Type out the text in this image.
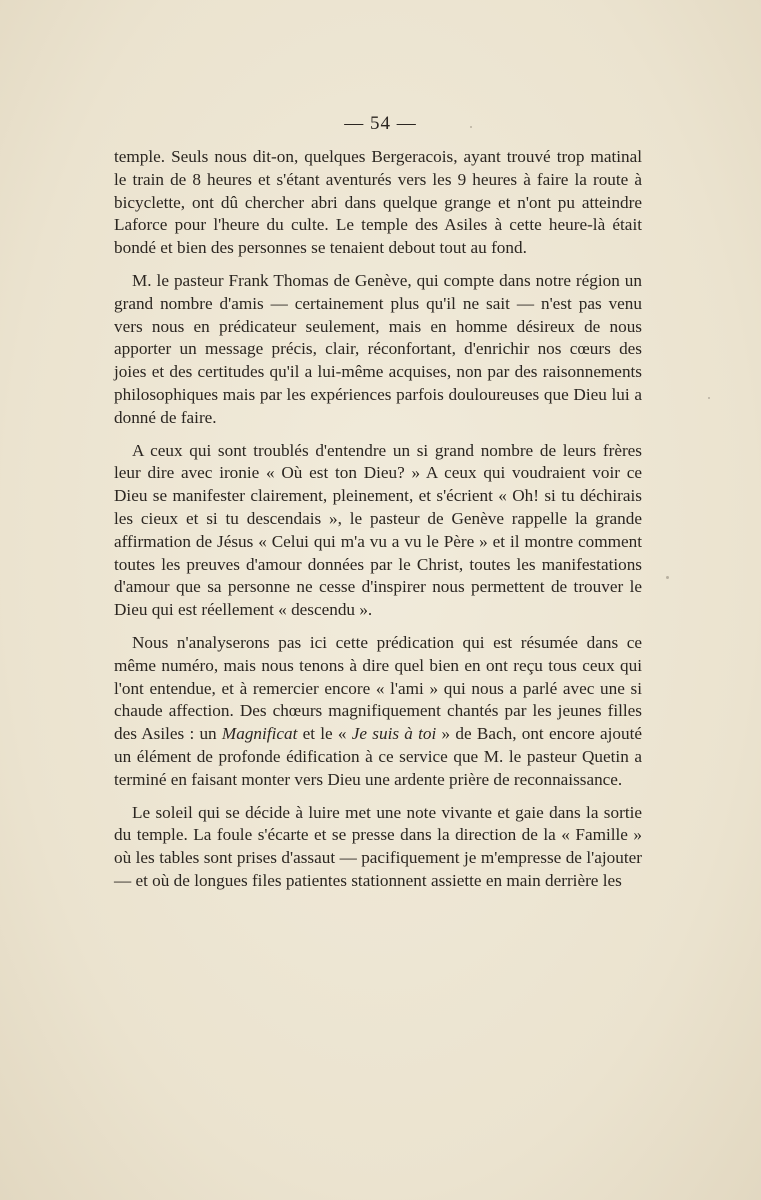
— 54 —

temple. Seuls nous dit-on, quelques Bergeracois, ayant trouvé trop matinal le train de 8 heures et s'étant aventurés vers les 9 heures à faire la route à bicyclette, ont dû chercher abri dans quelque grange et n'ont pu atteindre Laforce pour l'heure du culte. Le temple des Asiles à cette heure-là était bondé et bien des personnes se tenaient debout tout au fond.

M. le pasteur Frank Thomas de Genève, qui compte dans notre région un grand nombre d'amis — certainement plus qu'il ne sait — n'est pas venu vers nous en prédicateur seulement, mais en homme désireux de nous apporter un message précis, clair, réconfortant, d'enrichir nos cœurs des joies et des certitudes qu'il a lui-même acquises, non par des raisonnements philosophiques mais par les expériences parfois douloureuses que Dieu lui a donné de faire.

A ceux qui sont troublés d'entendre un si grand nombre de leurs frères leur dire avec ironie « Où est ton Dieu? » A ceux qui voudraient voir ce Dieu se manifester clairement, pleinement, et s'écrient « Oh! si tu déchirais les cieux et si tu descendais », le pasteur de Genève rappelle la grande affirmation de Jésus « Celui qui m'a vu a vu le Père » et il montre comment toutes les preuves d'amour données par le Christ, toutes les manifestations d'amour que sa personne ne cesse d'inspirer nous permettent de trouver le Dieu qui est réellement « descendu ».

Nous n'analyserons pas ici cette prédication qui est résumée dans ce même numéro, mais nous tenons à dire quel bien en ont reçu tous ceux qui l'ont entendue, et à remercier encore « l'ami » qui nous a parlé avec une si chaude affection. Des chœurs magnifiquement chantés par les jeunes filles des Asiles : un Magnificat et le « Je suis à toi » de Bach, ont encore ajouté un élément de profonde édification à ce service que M. le pasteur Quetin a terminé en faisant monter vers Dieu une ardente prière de reconnaissance.

Le soleil qui se décide à luire met une note vivante et gaie dans la sortie du temple. La foule s'écarte et se presse dans la direction de la « Famille » où les tables sont prises d'assaut — pacifiquement je m'empresse de l'ajouter — et où de longues files patientes stationnent assiette en main derrière les
